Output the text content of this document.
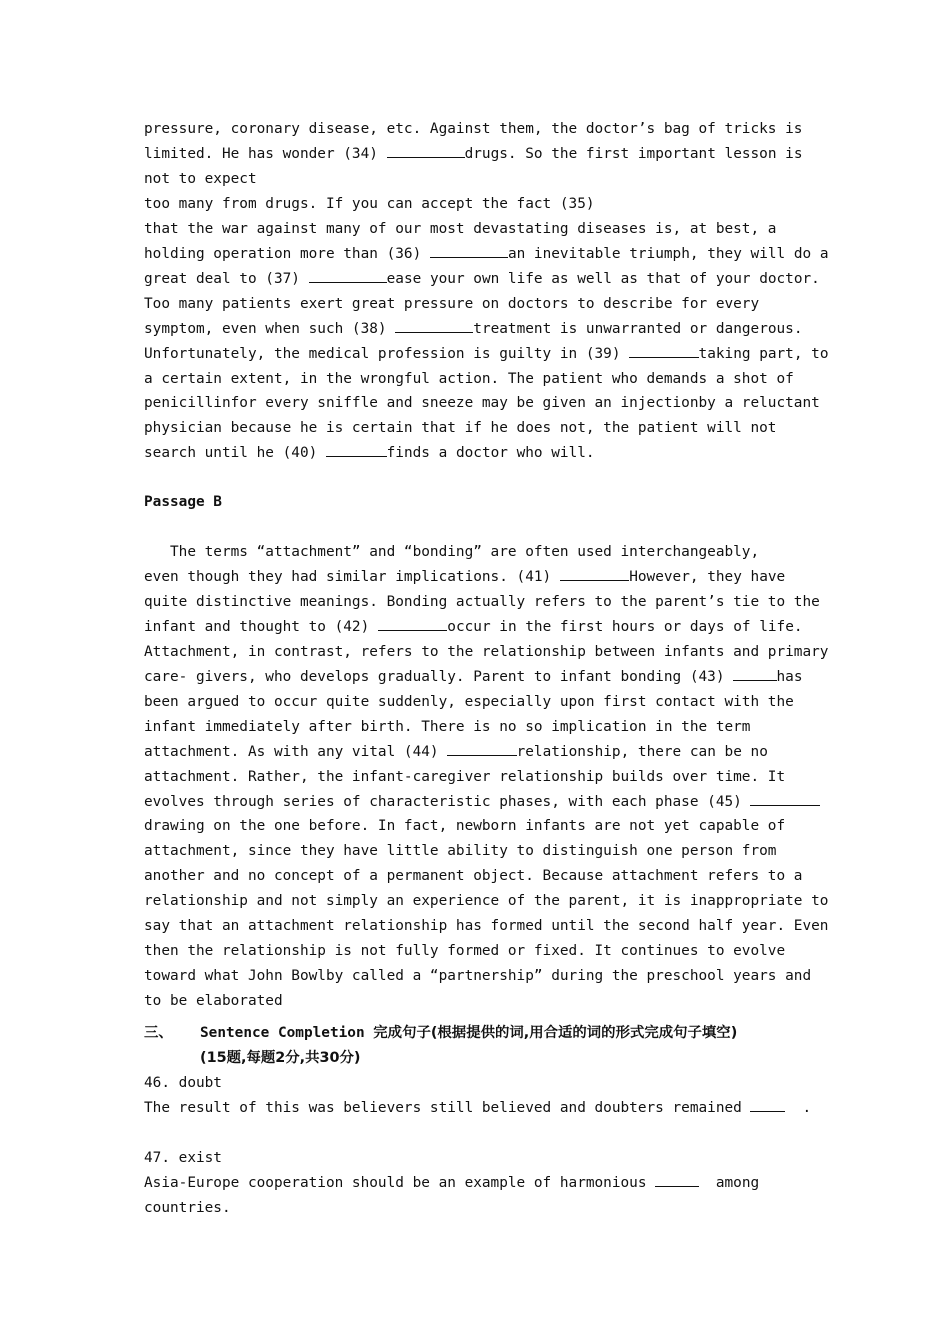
pressure, coronary disease, etc. Against them, the doctor’s bag of tricks is
limited. He has wonder (34)	drugs. So the first important lesson is
not to expect
too many from drugs. If you can accept the fact (35)
that the war against many of our most devastating diseases is, at best, a
holding operation more than (36)	an inevitable triumph, they will do a
great deal to (37)	ease your own life as well as that of your doctor.
Too many patients exert great pressure on doctors to describe for every
symptom, even when such (38)	treatment is unwarranted or dangerous.
Unfortunately, the medical profession is guilty in (39)	taking part, to
a certain extent, in the wrongful action. The patient who demands a shot of
penicillinfor every sniffle and sneeze may be given an injectionby a reluctant
physician because he is certain that if he does not, the patient will not
search until he (40)	finds a doctor who will.
Passage B
The terms “attachment” and “bonding” are often used interchangeably,
even though they had similar implications. (41)	However, they have
quite distinctive meanings. Bonding actually refers to the parent’s tie to the
infant and thought to (42)	occur in the first hours or days of life.
Attachment, in contrast, refers to the relationship between infants and primary
care- givers, who develops gradually. Parent to infant bonding (43)	has
been argued to occur quite suddenly, especially upon first contact with the
infant immediately after birth. There is no so implication in the term
attachment. As with any vital (44)	relationship, there can be no
attachment. Rather, the infant-caregiver relationship builds over time. It
evolves through series of characteristic phases, with each phase (45)
drawing on the one before. In fact, newborn infants are not yet capable of
attachment, since they have little ability to distinguish one person from
another and no concept of a permanent object. Because attachment refers to a
relationship and not simply an experience of the parent, it is inappropriate to
say that an attachment relationship has formed until the second half year. Even
then the relationship is not fully formed or fixed. It continues to evolve
toward what John Bowlby called a “partnership” during the preschool years and
to be elaborated
三、 Sentence Completion 完成句子(根据提供的词,用合适的词的形式完成句子填空)
(15题,每题2分,共30分)
46. doubt
The result of this was believers still believed and doubters remained   .
47. exist
Asia-Europe cooperation should be an example of harmonious	among
countries.
